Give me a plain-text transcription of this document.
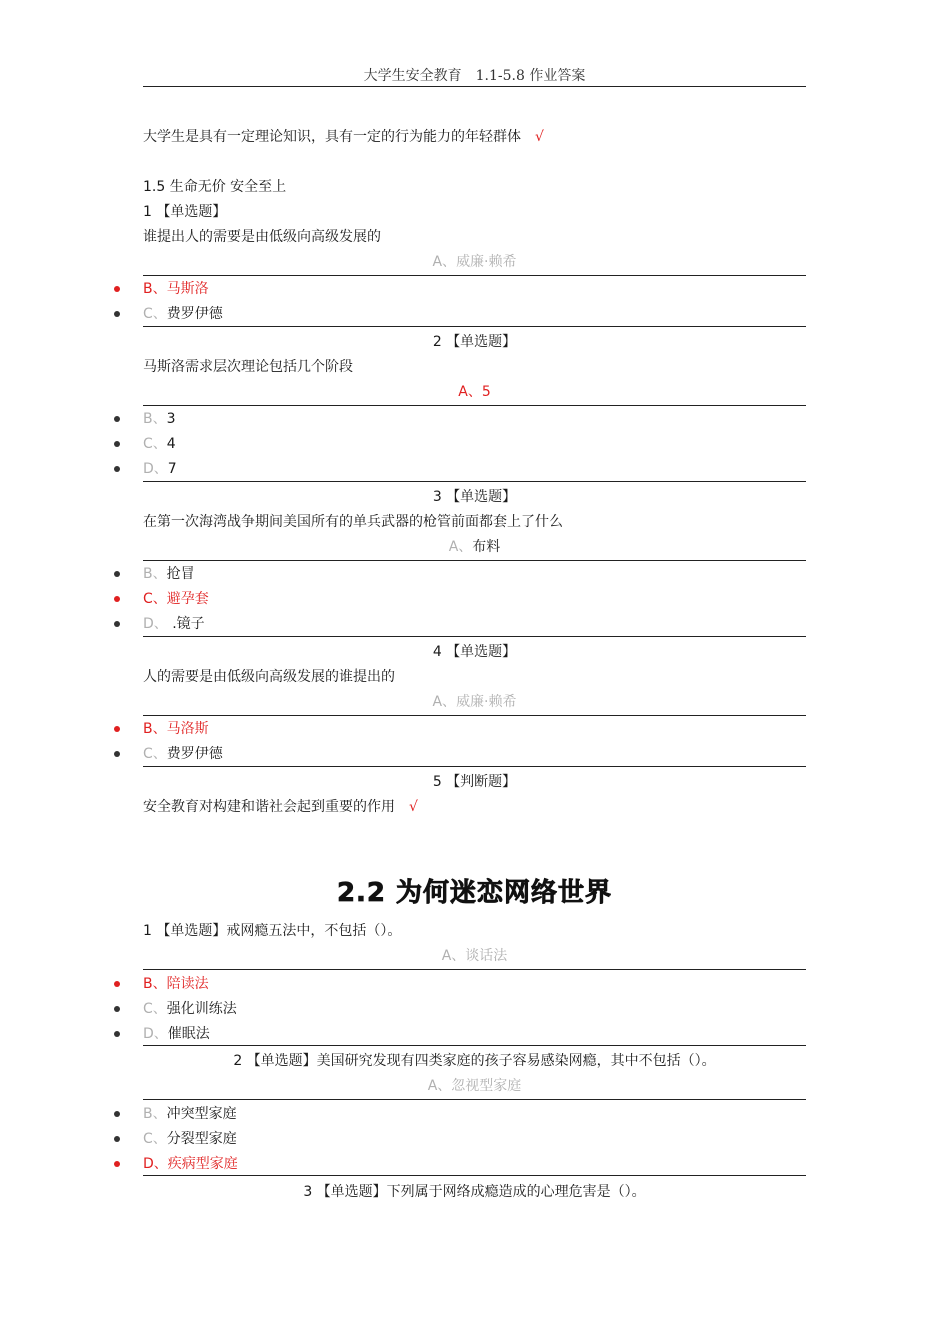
大学生安全教育　1.1-5.8 作业答案
大学生是具有一定理论知识，具有一定的行为能力的年轻群体 √
1.5 生命无价 安全至上
1 【单选题】
谁提出人的需要是由低级向高级发展的
A、威廉·赖希
B、马斯洛
C、费罗伊德
2 【单选题】
马斯洛需求层次理论包括几个阶段
A、5
B、3
C、4
D、7
3 【单选题】
在第一次海湾战争期间美国所有的单兵武器的枪管前面都套上了什么
A、布料
B、抢冒
C、避孕套
D、 .镜子
4 【单选题】
人的需要是由低级向高级发展的谁提出的
A、威廉·赖希
B、马洛斯
C、费罗伊德
5 【判断题】
安全教育对构建和谐社会起到重要的作用 √
2.2 为何迷恋网络世界
1 【单选题】戒网瘾五法中，不包括（）。
A、谈话法
B、陪读法
C、强化训练法
D、催眠法
2 【单选题】美国研究发现有四类家庭的孩子容易感染网瘾，其中不包括（）。
A、忽视型家庭
B、冲突型家庭
C、分裂型家庭
D、疾病型家庭
3 【单选题】下列属于网络成瘾造成的心理危害是（）。
